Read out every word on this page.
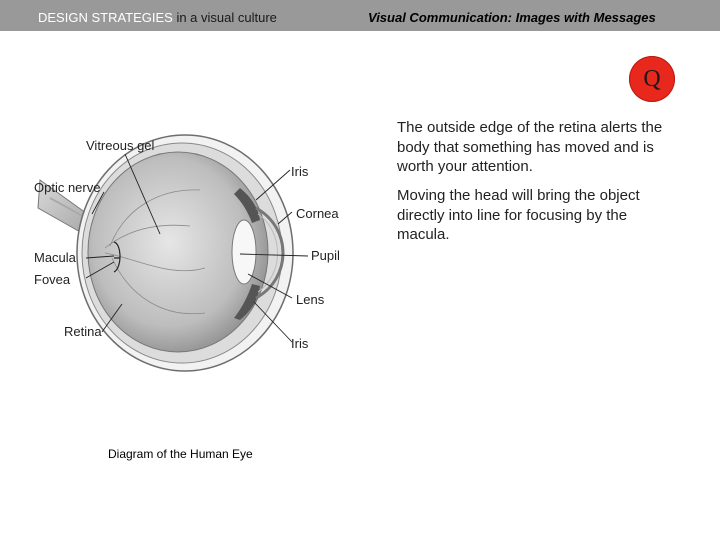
DESIGN STRATEGIES in a visual culture	Visual Communication: Images with Messages
Q
The outside edge of the retina alerts the body that something has moved and is worth your attention.
Moving the head will bring the object directly into line for focusing by the macula.
Vitreous gel
Optic nerve
Iris
Cornea
Macula
Fovea
Pupil
Lens
Retina
Iris
Diagram of the Human Eye
